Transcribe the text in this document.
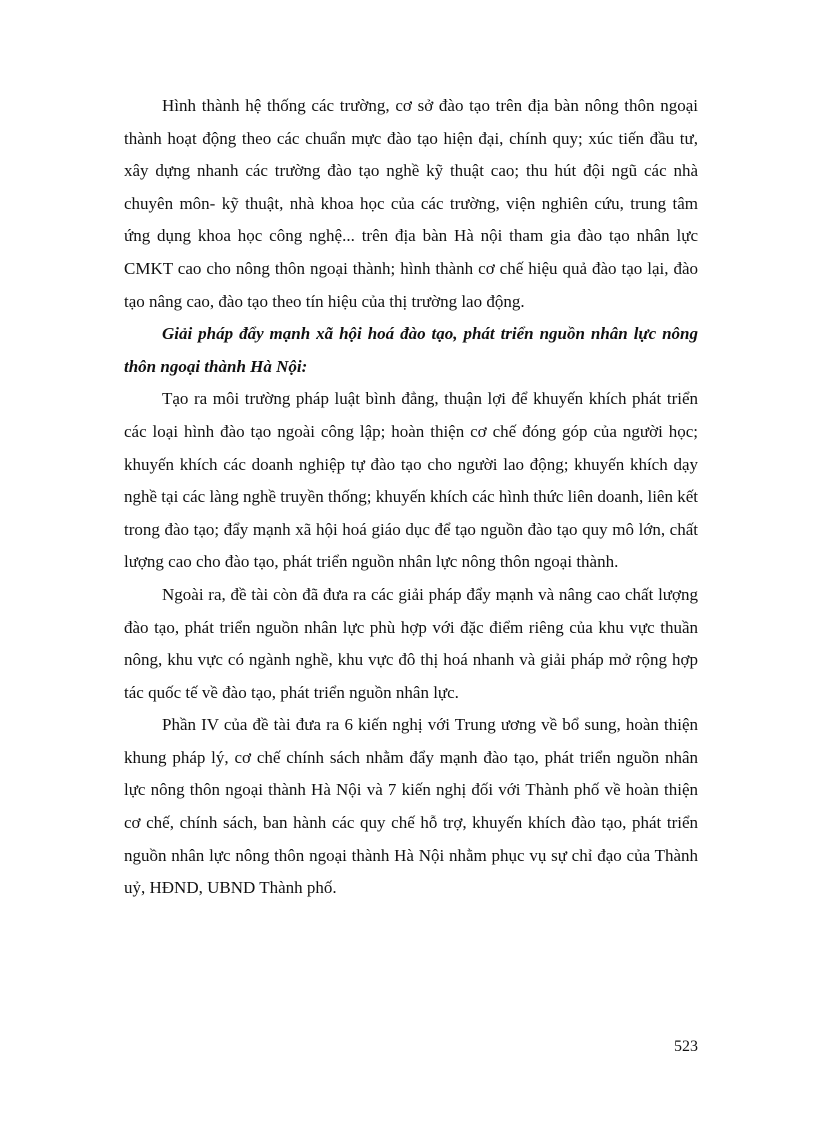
Hình thành hệ thống các trường, cơ sở đào tạo trên địa bàn nông thôn ngoại thành hoạt động theo các chuẩn mực đào tạo hiện đại, chính quy; xúc tiến đầu tư, xây dựng nhanh các trường đào tạo nghề kỹ thuật cao; thu hút đội ngũ các nhà chuyên môn- kỹ thuật, nhà khoa học của các trường, viện nghiên cứu, trung tâm ứng dụng khoa học công nghệ... trên địa bàn Hà nội tham gia đào tạo nhân lực CMKT cao cho nông thôn ngoại thành; hình thành cơ chế hiệu quả đào tạo lại, đào tạo nâng cao, đào tạo theo tín hiệu của thị trường lao động.

Giải pháp đẩy mạnh xã hội hoá đào tạo, phát triển nguồn nhân lực nông thôn ngoại thành Hà Nội:

Tạo ra môi trường pháp luật bình đẳng, thuận lợi để khuyến khích phát triển các loại hình đào tạo ngoài công lập; hoàn thiện cơ chế đóng góp của người học; khuyến khích các doanh nghiệp tự đào tạo cho người lao động; khuyến khích dạy nghề tại các làng nghề truyền thống; khuyến khích các hình thức liên doanh, liên kết trong đào tạo; đẩy mạnh xã hội hoá giáo dục để tạo nguồn đào tạo quy mô lớn, chất lượng cao cho đào tạo, phát triển nguồn nhân lực nông thôn ngoại thành.

Ngoài ra, đề tài còn đã đưa ra các giải pháp đẩy mạnh và nâng cao chất lượng đào tạo, phát triển nguồn nhân lực phù hợp với đặc điểm riêng của khu vực thuần nông, khu vực có ngành nghề, khu vực đô thị hoá nhanh và giải pháp mở rộng hợp tác quốc tế về đào tạo, phát triển nguồn nhân lực.

Phần IV của đề tài đưa ra 6 kiến nghị với Trung ương về bổ sung, hoàn thiện khung pháp lý, cơ chế chính sách nhằm đẩy mạnh đào tạo, phát triển nguồn nhân lực nông thôn ngoại thành Hà Nội và 7 kiến nghị đối với Thành phố về hoàn thiện cơ chế, chính sách, ban hành các quy chế hỗ trợ, khuyến khích đào tạo, phát triển nguồn nhân lực nông thôn ngoại thành Hà Nội nhằm phục vụ sự chỉ đạo của Thành uỷ, HĐND, UBND Thành phố.

523
